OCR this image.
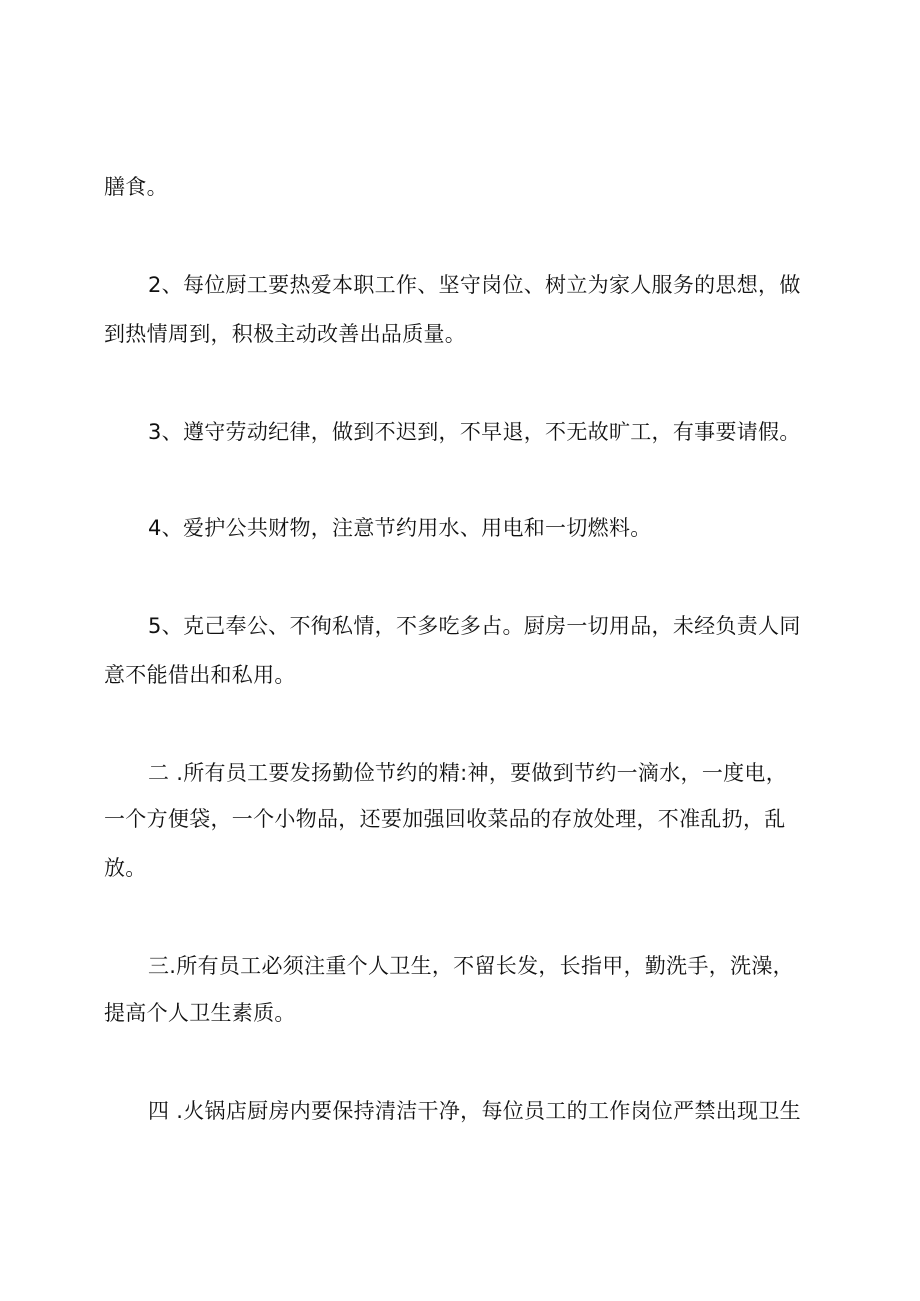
膳食。
2、每位厨工要热爱本职工作、坚守岗位、树立为家人服务的思想，做
到热情周到，积极主动改善出品质量。
3、遵守劳动纪律，做到不迟到，不早退，不无故旷工，有事要请假。
4、爱护公共财物，注意节约用水、用电和一切燃料。
5、克己奉公、不徇私情，不多吃多占。厨房一切用品，未经负责人同
意不能借出和私用。
二 .所有员工要发扬勤俭节约的精:神，要做到节约一滴水，一度电，
一个方便袋，一个小物品，还要加强回收菜品的存放处理，不准乱扔，乱
放。
三.所有员工必须注重个人卫生，不留长发，长指甲，勤洗手，洗澡，
提高个人卫生素质。
四 .火锅店厨房内要保持清洁干净，每位员工的工作岗位严禁出现卫生
